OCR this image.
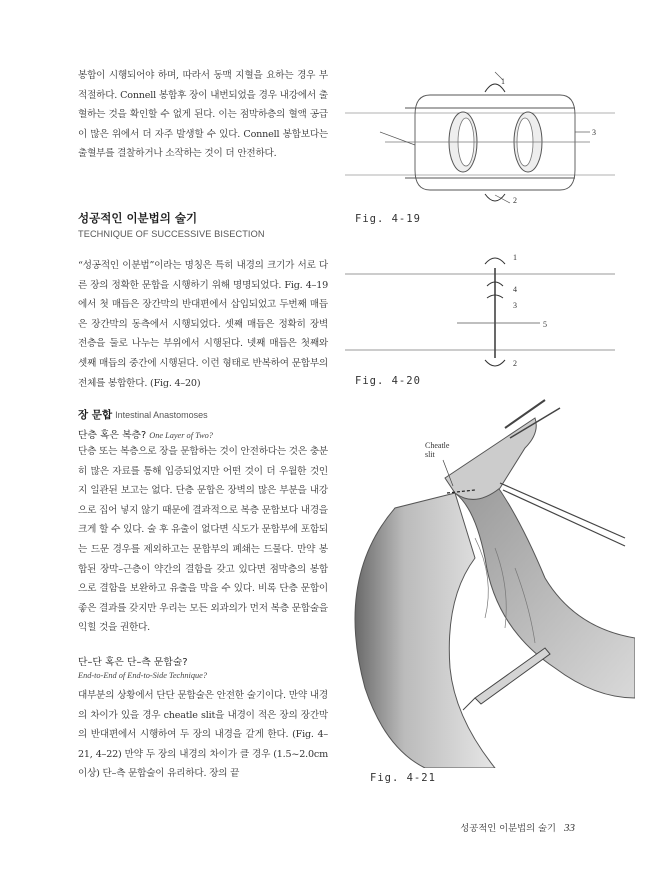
봉합이 시행되어야 하며, 따라서 동맥 지혈을 요하는 경우 부적절하다. Connell 봉합후 장이 내번되었을 경우 내강에서 출혈하는 것을 확인할 수 없게 된다. 이는 점막하층의 혈액 공급이 많은 위에서 더 자주 발생할 수 있다. Connell 봉합보다는 출혈부를 결찰하거나 소작하는 것이 더 안전하다.
성공적인 이분법의 술기
TECHNIQUE OF SUCCESSIVE BISECTION
“성공적인 이분법”이라는 명칭은 특히 내경의 크기가 서로 다른 장의 정확한 문합을 시행하기 위해 명명되었다. Fig. 4–19에서 첫 매듭은 장간막의 반대편에서 삽입되었고 두번째 매듭은 장간막의 동측에서 시행되었다. 셋째 매듭은 정확히 장벽 전층을 둘로 나누는 부위에서 시행된다. 넷째 매듭은 첫째와 셋째 매듭의 중간에 시행된다. 이런 형태로 반복하여 문합부의 전체를 봉합한다. (Fig. 4–20)
장 문합 Intestinal Anastomoses
단층 혹은 복층? One Layer of Two?
단층 또는 복층으로 장을 문합하는 것이 안전하다는 것은 충분히 많은 자료를 통해 입증되었지만 어떤 것이 더 우월한 것인지 일관된 보고는 없다. 단층 문합은 장벽의 많은 부분을 내강으로 집어 넣지 않기 때문에 결과적으로 복층 문합보다 내경을 크게 할 수 있다. 술 후 유출이 없다면 식도가 문합부에 포함되는 드문 경우를 제외하고는 문합부의 폐쇄는 드물다. 만약 봉합된 장막–근층이 약간의 결함을 갖고 있다면 점막층의 봉합으로 결함을 보완하고 유출을 막을 수 있다. 비록 단층 문합이 좋은 결과를 갖지만 우리는 모든 외과의가 먼저 복층 문합술을 익힐 것을 권한다.
단–단 혹은 단–측 문합술?
End-to-End of End-to-Side Technique?
대부분의 상황에서 단단 문합술은 안전한 술기이다. 만약 내경의 차이가 있을 경우 cheatle slit을 내경이 적은 장의 장간막의 반대편에서 시행하여 두 장의 내경을 같게 한다. (Fig. 4–21, 4–22) 만약 두 장의 내경의 차이가 클 경우 (1.5~2.0cm 이상) 단–측 문합술이 유리하다. 장의 끝
1
2
3
Fig. 4-19
1
4
3
5
2
Fig. 4-20
Cheatle
slit
Fig. 4-21
성공적인 이분법의 술기 33
